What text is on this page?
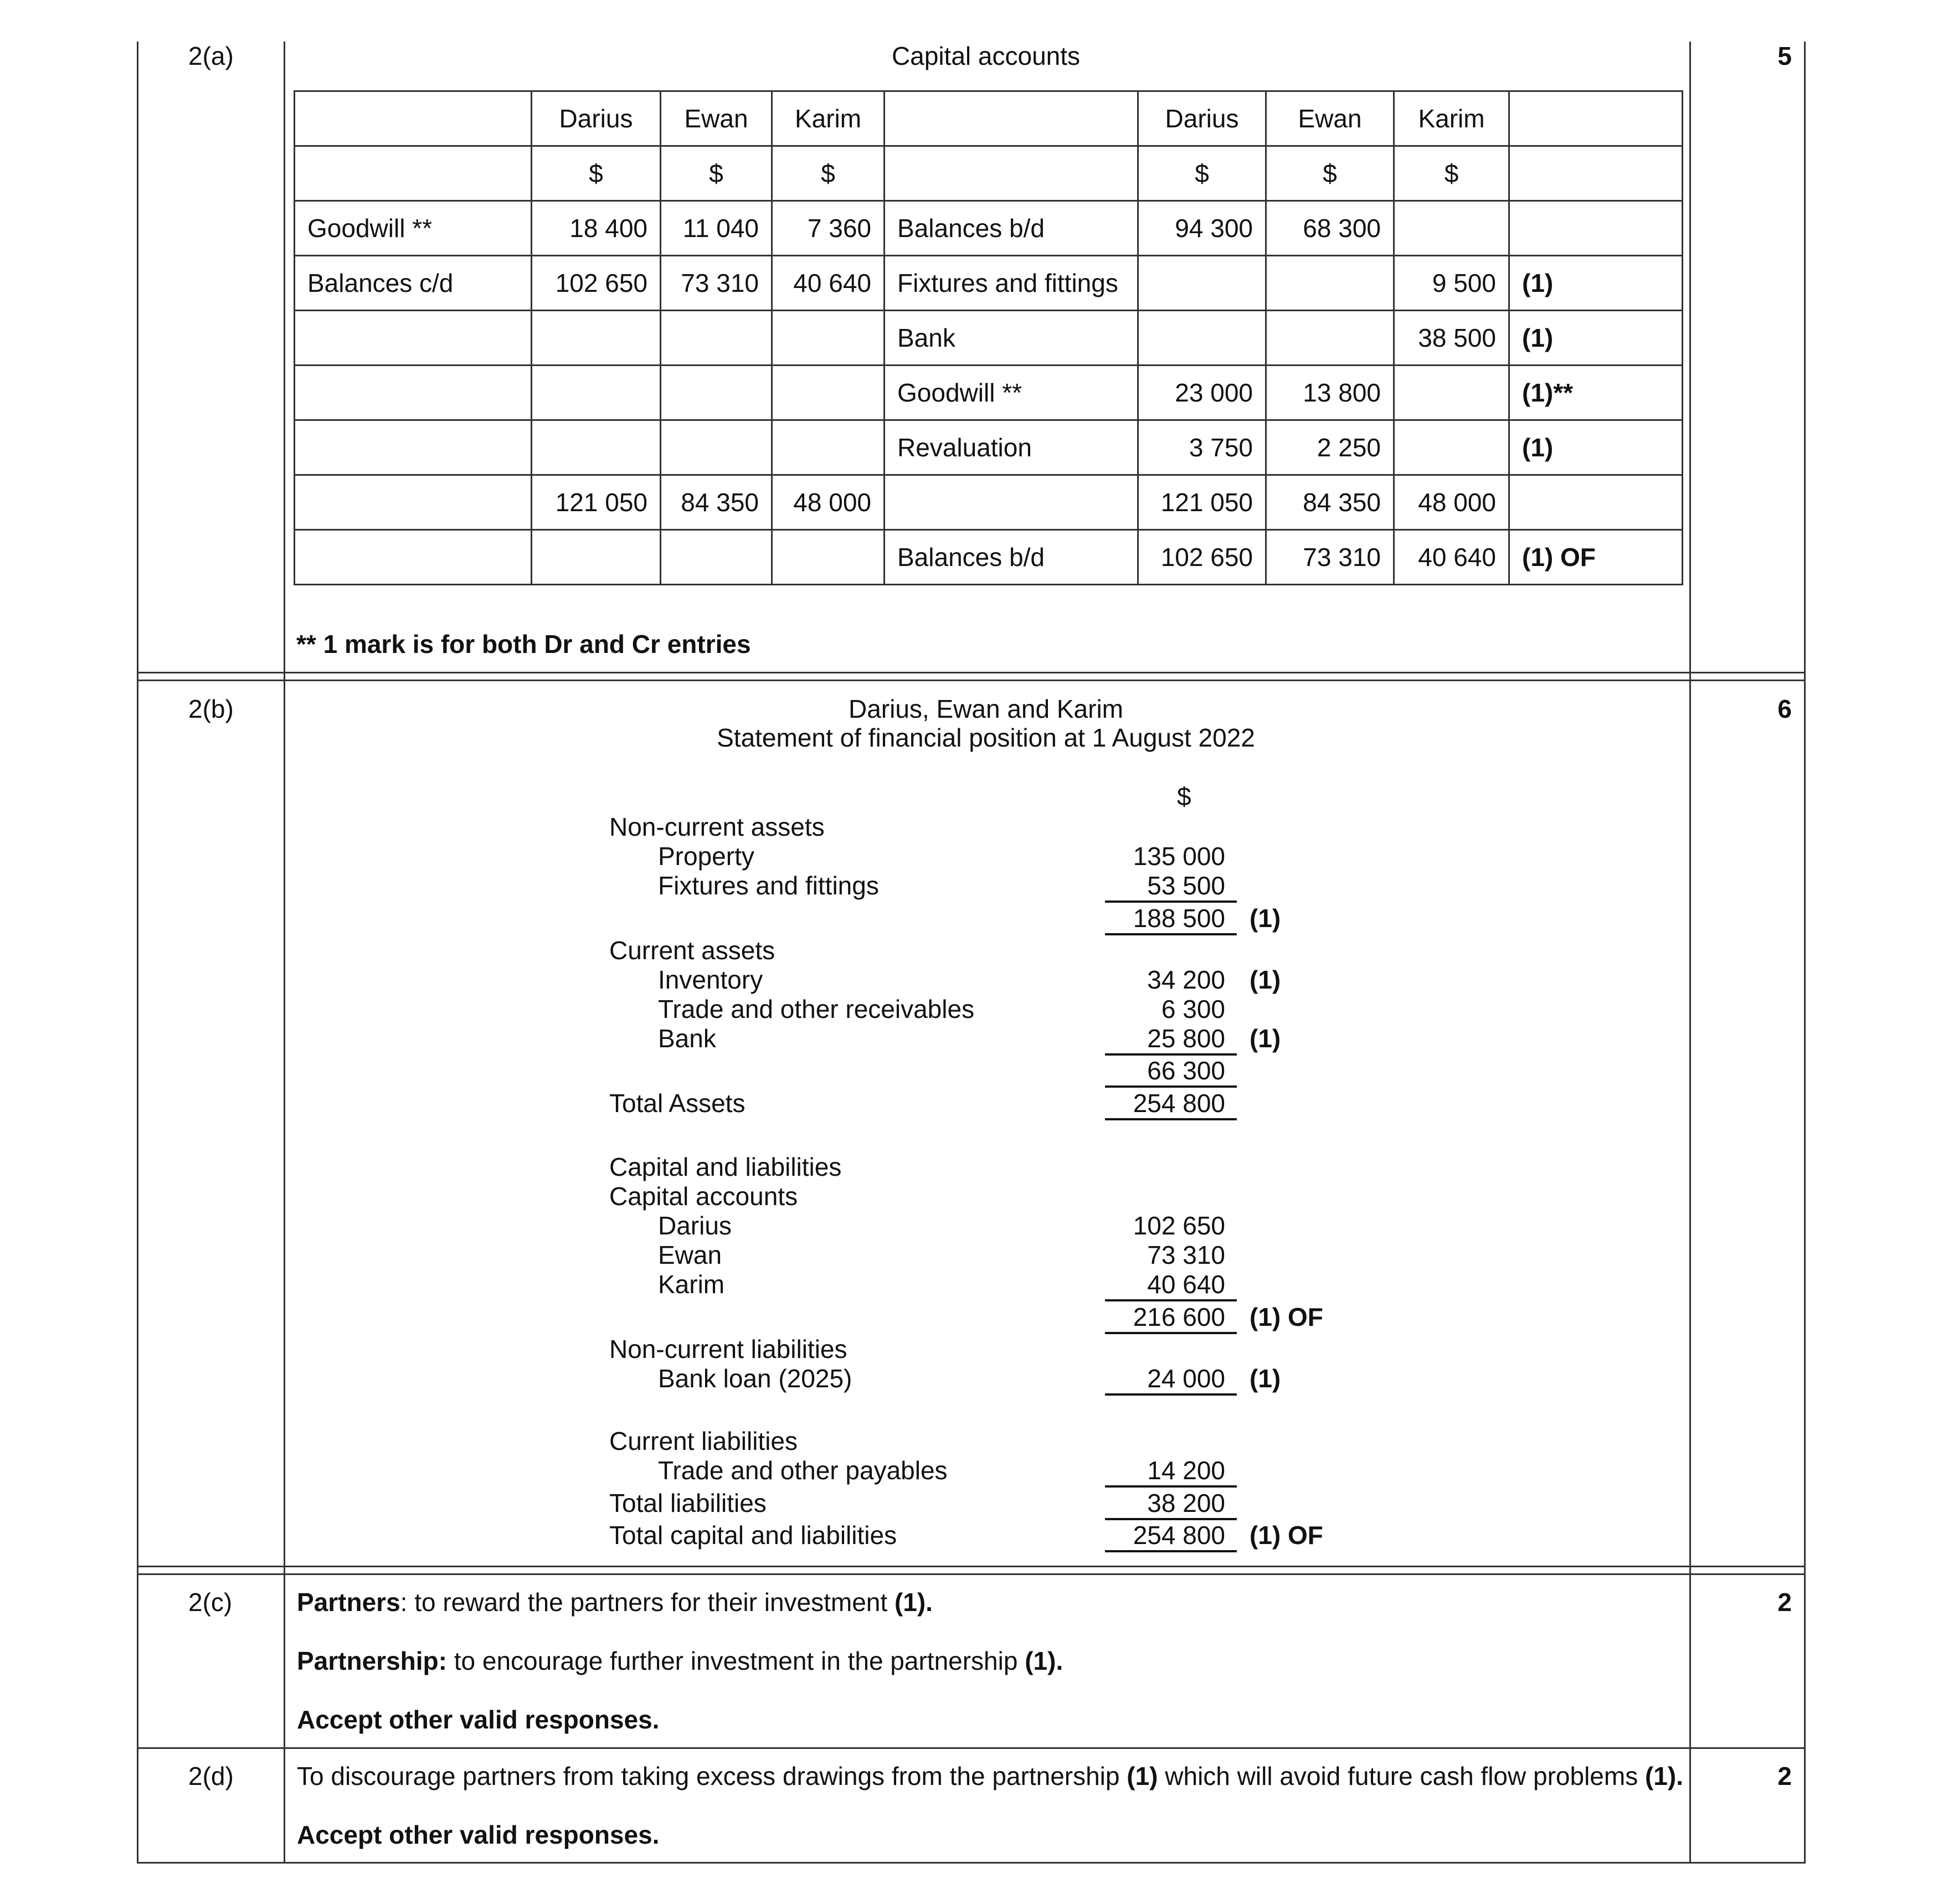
2(a)	Capital accounts	5
	Darius	Ewan	Karim		Darius	Ewan	Karim	
	$	$	$		$	$	$	
Goodwill **	18 400	11 040	7 360	Balances b/d	94 300	68 300		
Balances c/d	102 650	73 310	40 640	Fixtures and fittings			9 500	(1)
				Bank			38 500	(1)
				Goodwill **	23 000	13 800		(1)**
				Revaluation	3 750	2 250		(1)
	121 050	84 350	48 000		121 050	84 350	48 000	
				Balances b/d	102 650	73 310	40 640	(1) OF
** 1 mark is for both Dr and Cr entries
2(b)	Darius, Ewan and Karim
Statement of financial position at 1 August 2022
6
$
Non-current assets
Property	135 000
Fixtures and fittings	53 500
188 500 (1)
Current assets
Inventory	34 200 (1)
Trade and other receivables	6 300
Bank	25 800 (1)
66 300
Total Assets	254 800
Capital and liabilities
Capital accounts
Darius	102 650
Ewan	73 310
Karim	40 640
216 600 (1) OF
Non-current liabilities
Bank loan (2025)	24 000 (1)
Current liabilities
Trade and other payables	14 200
Total liabilities	38 200
Total capital and liabilities	254 800 (1) OF
2(c)	2
Partners: to reward the partners for their investment (1).
Partnership: to encourage further investment in the partnership (1).
Accept other valid responses.
2(d)	2
To discourage partners from taking excess drawings from the partnership (1) which will avoid future cash flow problems (1).
Accept other valid responses.
